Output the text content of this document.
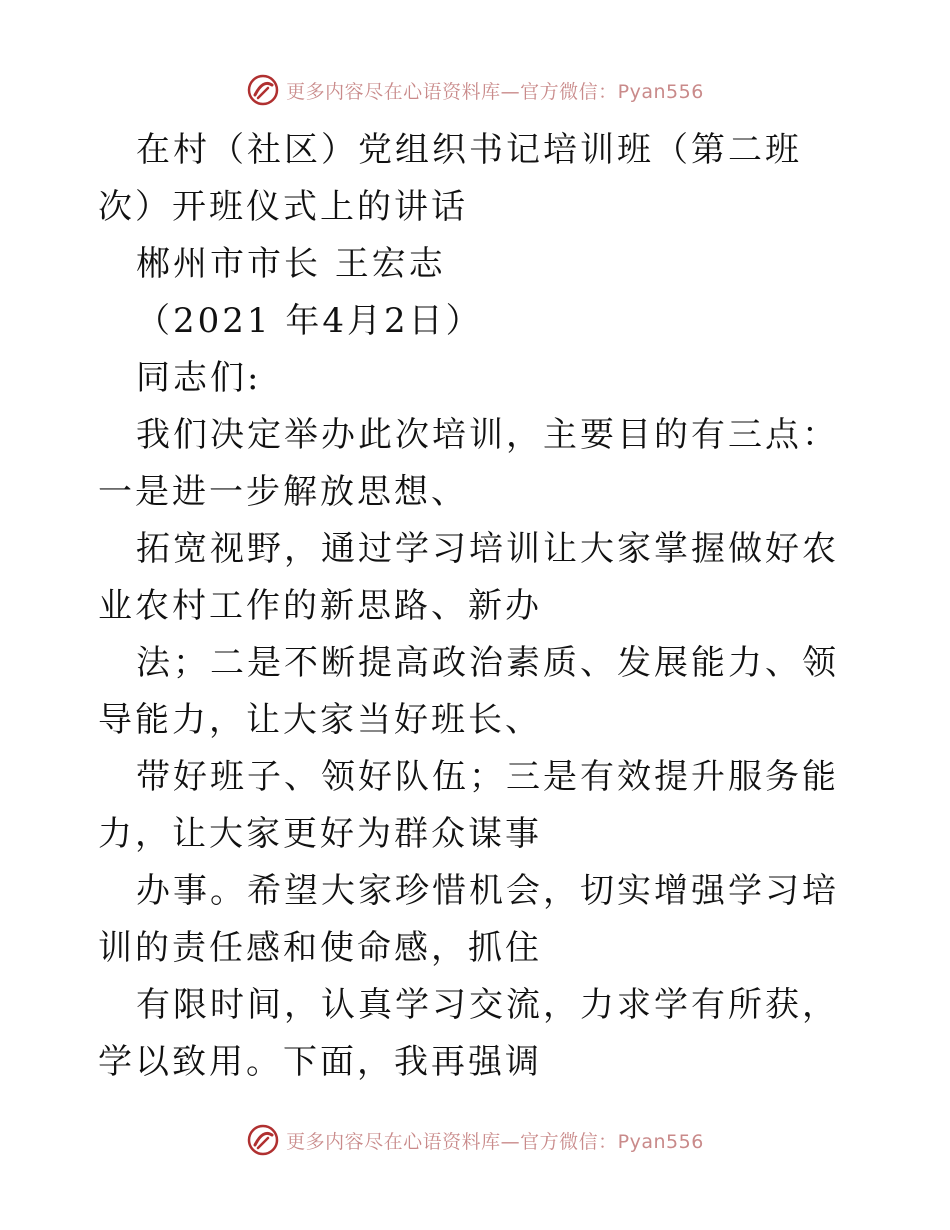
更多内容尽在心语资料库—官方微信：Pyan556

在村（社区）党组织书记培训班（第二班次）开班仪式上的讲话

郴州市市长 王宏志

（2021 年4月2日）

同志们:

我们决定举办此次培训，主要目的有三点：一是进一步解放思想、

拓宽视野，通过学习培训让大家掌握做好农业农村工作的新思路、新办

法；二是不断提高政治素质、发展能力、领导能力，让大家当好班长、

带好班子、领好队伍；三是有效提升服务能力，让大家更好为群众谋事

办事。希望大家珍惜机会，切实增强学习培训的责任感和使命感，抓住

有限时间，认真学习交流，力求学有所获，学以致用。下面，我再强调

更多内容尽在心语资料库—官方微信：Pyan556
